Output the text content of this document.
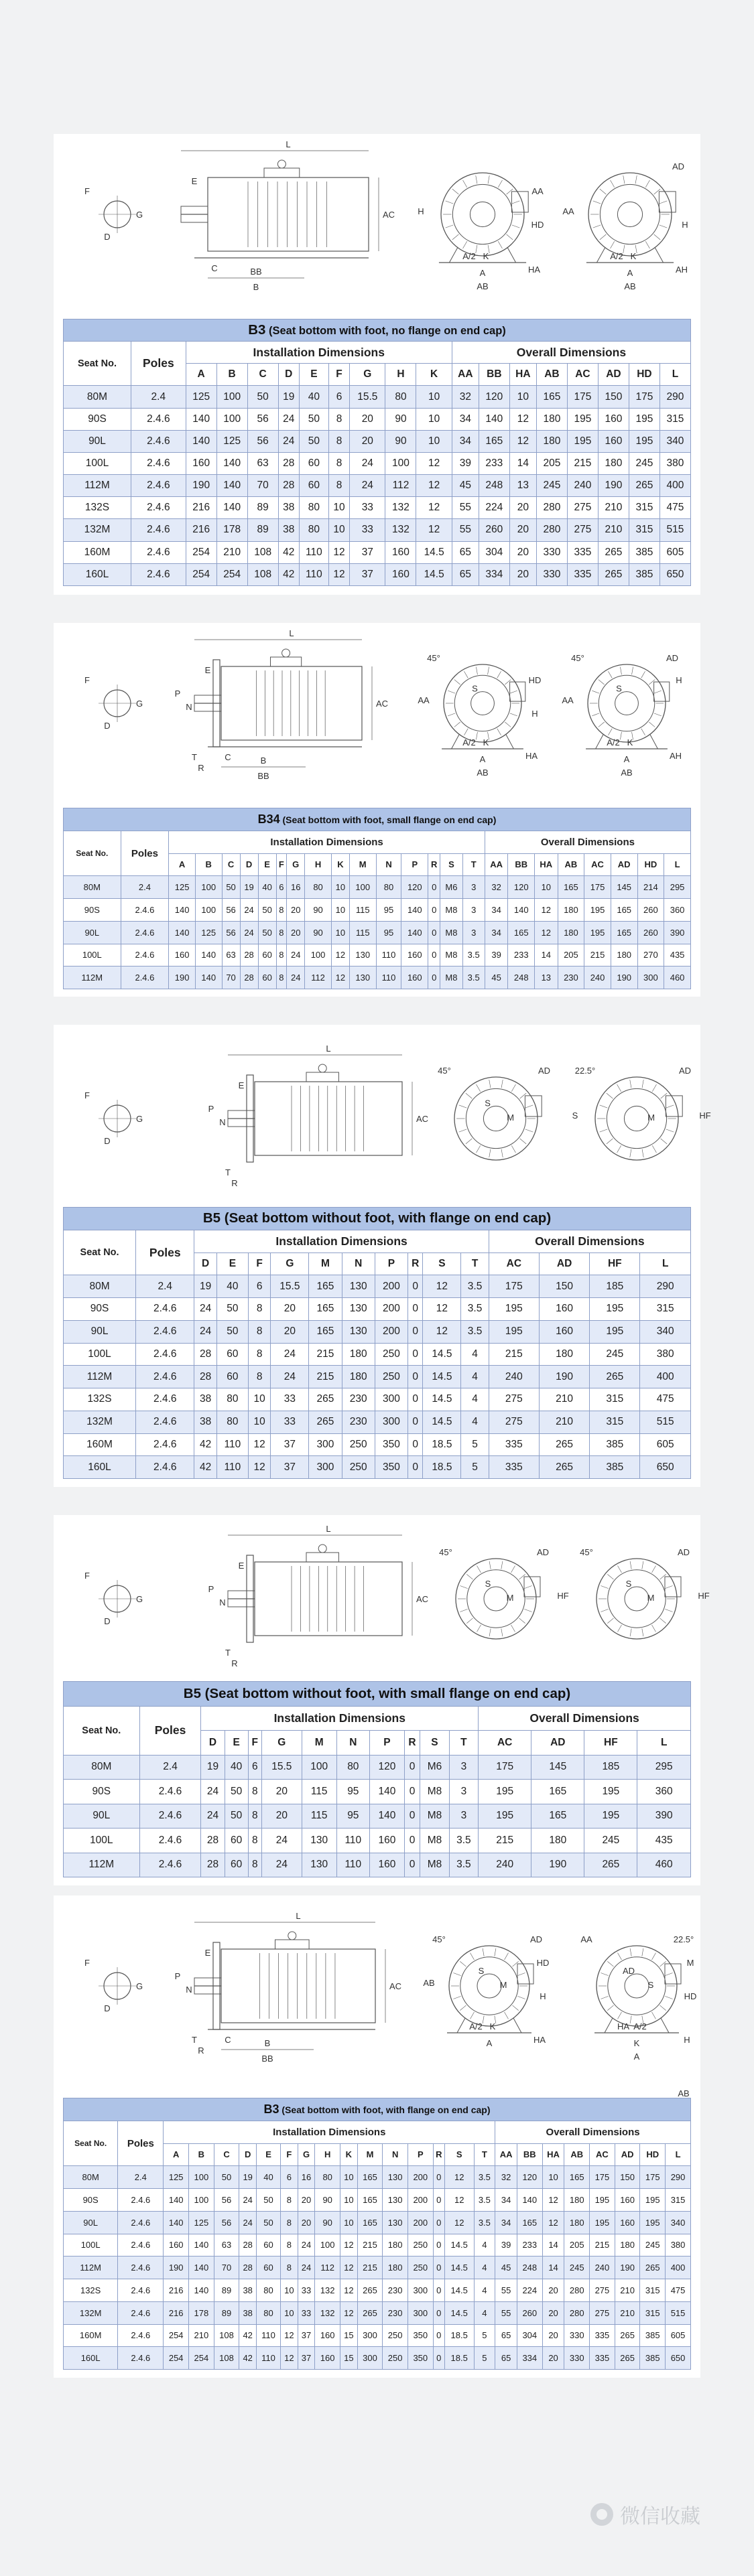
F
G
D
L
E
AC
C	BB
B
AA
HD
H
A/2 K
HA
A
AB
AD
H
AA
A/2 K
AH
A
AB
B3 (Seat bottom with foot, no flange on end cap)																		
Seat No.	Poles	Installation Dimensions									Overall Dimensions							
		A	B	C	D	E	F	G	H	K	AA	BB	HA	AB	AC	AD	HD	L
80M	2.4	125	100	50	19	40	6	15.5	80	10	32	120	10	165	175	150	175	290
90S	2.4.6	140	100	56	24	50	8	20	90	10	34	140	12	180	195	160	195	315
90L	2.4.6	140	125	56	24	50	8	20	90	10	34	165	12	180	195	160	195	340
100L	2.4.6	160	140	63	28	60	8	24	100	12	39	233	14	205	215	180	245	380
112M	2.4.6	190	140	70	28	60	8	24	112	12	45	248	13	245	240	190	265	400
132S	2.4.6	216	140	89	38	80	10	33	132	12	55	224	20	280	275	210	315	475
132M	2.4.6	216	178	89	38	80	10	33	132	12	55	260	20	280	275	210	315	515
160M	2.4.6	254	210	108	42	110	12	37	160	14.5	65	304	20	330	335	265	385	605
160L	2.4.6	254	254	108	42	110	12	37	160	14.5	65	334	20	330	335	265	385	650
F
G
D
L
E
P
N	AC
T
R
C	B
BB
45°
S
HD
AA
H
A/2 K
HA
A
AB
45°	AD
S
H
AA
A/2 K
AH
A
AB
B34 (Seat bottom with foot, small flange on end cap)																								
Seat No.	Poles	Installation Dimensions															Overall Dimensions							
		A	B	C	D	E	F	G	H	K	M	N	P	R	S	T	AA	BB	HA	AB	AC	AD	HD	L
80M	2.4	125	100	50	19	40	6	16	80	10	100	80	120	0	M6	3	32	120	10	165	175	145	214	295
90S	2.4.6	140	100	56	24	50	8	20	90	10	115	95	140	0	M8	3	34	140	12	180	195	165	260	360
90L	2.4.6	140	125	56	24	50	8	20	90	10	115	95	140	0	M8	3	34	165	12	180	195	165	260	390
100L	2.4.6	160	140	63	28	60	8	24	100	12	130	110	160	0	M8	3.5	39	233	14	205	215	180	270	435
112M	2.4.6	190	140	70	28	60	8	24	112	12	130	110	160	0	M8	3.5	45	248	13	230	240	190	300	460
F
G
D
L
E
P
N	AC
T
R
45°	AD
S
M
22.5°	AD
S	M	HF
B5 (Seat bottom without foot, with flange on end cap)															
Seat No.	Poles	Installation Dimensions										Overall Dimensions			
		D	E	F	G	M	N	P	R	S	T	AC	AD	HF	L
80M	2.4	19	40	6	15.5	165	130	200	0	12	3.5	175	150	185	290
90S	2.4.6	24	50	8	20	165	130	200	0	12	3.5	195	160	195	315
90L	2.4.6	24	50	8	20	165	130	200	0	12	3.5	195	160	195	340
100L	2.4.6	28	60	8	24	215	180	250	0	14.5	4	215	180	245	380
112M	2.4.6	28	60	8	24	215	180	250	0	14.5	4	240	190	265	400
132S	2.4.6	38	80	10	33	265	230	300	0	14.5	4	275	210	315	475
132M	2.4.6	38	80	10	33	265	230	300	0	14.5	4	275	210	315	515
160M	2.4.6	42	110	12	37	300	250	350	0	18.5	5	335	265	385	605
160L	2.4.6	42	110	12	37	300	250	350	0	18.5	5	335	265	385	650
F
G
D
L
E
P
N	AC
T
R
45°	AD
S
M	HF
45°	AD
S
M	HF
B5 (Seat bottom without foot, with small flange on end cap)															
Seat No.	Poles	Installation Dimensions										Overall Dimensions			
		D	E	F	G	M	N	P	R	S	T	AC	AD	HF	L
80M	2.4	19	40	6	15.5	100	80	120	0	M6	3	175	145	185	295
90S	2.4.6	24	50	8	20	115	95	140	0	M8	3	195	165	195	360
90L	2.4.6	24	50	8	20	115	95	140	0	M8	3	195	165	195	390
100L	2.4.6	28	60	8	24	130	110	160	0	M8	3.5	215	180	245	435
112M	2.4.6	28	60	8	24	130	110	160	0	M8	3.5	240	190	265	460
F
G
D
L
E
P
N	AC
T
R
C	B
BB
45°	AD
S
M
HD
H
HA
A/2 K
A
AB
AA	22.5°
AD
S
M
HD
H
HA A/2
K
A
AB
B3 (Seat bottom with foot, with flange on end cap)																								
Seat No.	Poles	Installation Dimensions															Overall Dimensions							
		A	B	C	D	E	F	G	H	K	M	N	P	R	S	T	AA	BB	HA	AB	AC	AD	HD	L
80M	2.4	125	100	50	19	40	6	16	80	10	165	130	200	0	12	3.5	32	120	10	165	175	150	175	290
90S	2.4.6	140	100	56	24	50	8	20	90	10	165	130	200	0	12	3.5	34	140	12	180	195	160	195	315
90L	2.4.6	140	125	56	24	50	8	20	90	10	165	130	200	0	12	3.5	34	165	12	180	195	160	195	340
100L	2.4.6	160	140	63	28	60	8	24	100	12	215	180	250	0	14.5	4	39	233	14	205	215	180	245	380
112M	2.4.6	190	140	70	28	60	8	24	112	12	215	180	250	0	14.5	4	45	248	14	245	240	190	265	400
132S	2.4.6	216	140	89	38	80	10	33	132	12	265	230	300	0	14.5	4	55	224	20	280	275	210	315	475
132M	2.4.6	216	178	89	38	80	10	33	132	12	265	230	300	0	14.5	4	55	260	20	280	275	210	315	515
160M	2.4.6	254	210	108	42	110	12	37	160	15	300	250	350	0	18.5	5	65	304	20	330	335	265	385	605
160L	2.4.6	254	254	108	42	110	12	37	160	15	300	250	350	0	18.5	5	65	334	20	330	335	265	385	650
微信收藏
